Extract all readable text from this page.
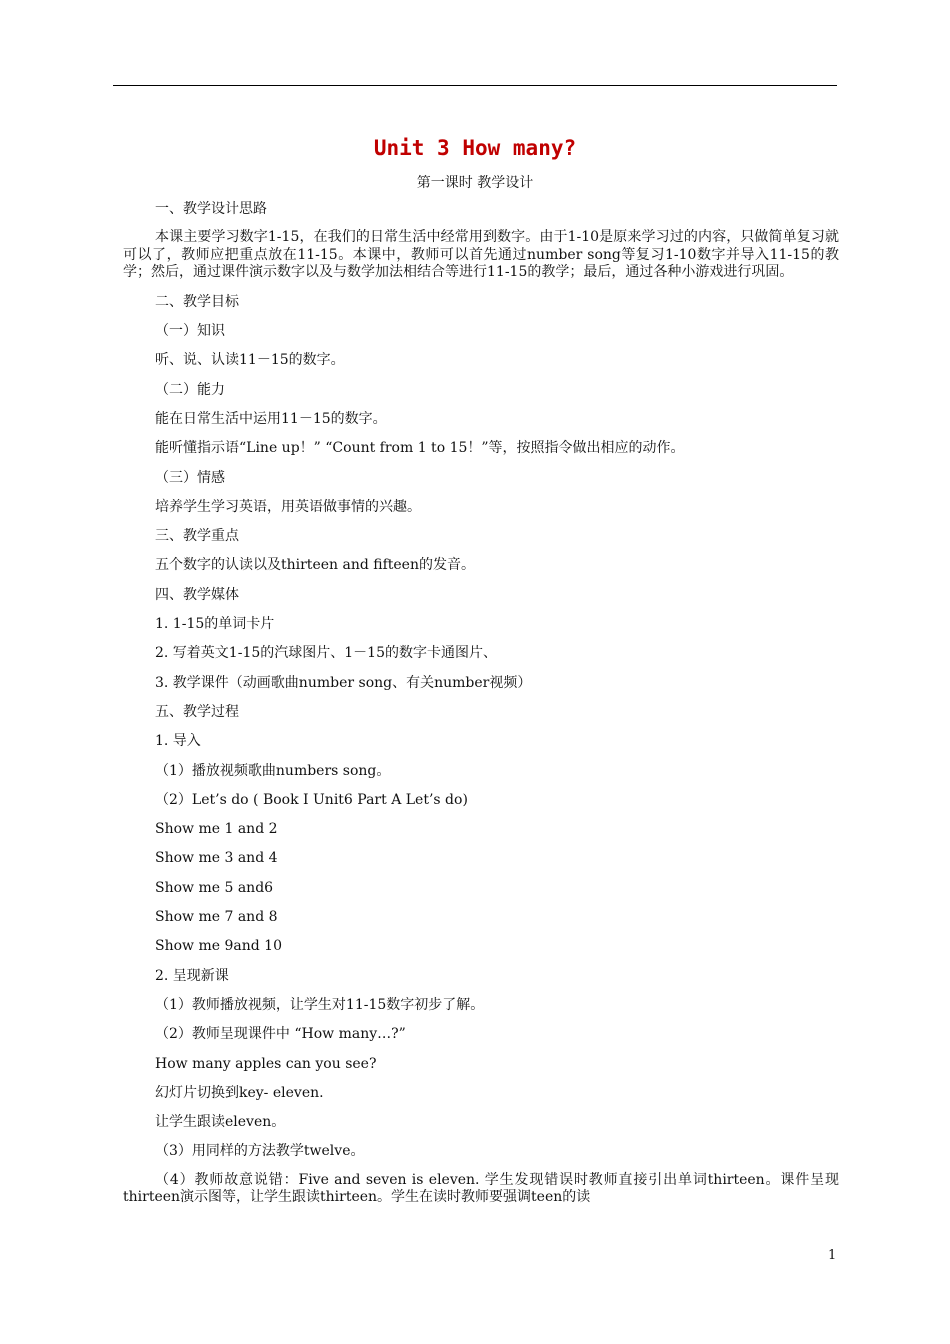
Unit 3 How many?
第一课时 教学设计
一、教学设计思路
本课主要学习数字1-15，在我们的日常生活中经常用到数字。由于1-10是原来学习过的内容，只做简单复习就可以了，教师应把重点放在11-15。本课中，教师可以首先通过number song等复习1-10数字并导入11-15的教学；然后，通过课件演示数字以及与数学加法相结合等进行11-15的教学；最后，通过各种小游戏进行巩固。
二、教学目标
（一）知识
听、说、认读11－15的数字。
（二）能力
能在日常生活中运用11－15的数字。
能听懂指示语“Line up！” “Count from 1 to 15！”等，按照指令做出相应的动作。
（三）情感
培养学生学习英语，用英语做事情的兴趣。
三、教学重点
五个数字的认读以及thirteen and fifteen的发音。
四、教学媒体
1. 1-15的单词卡片
2. 写着英文1-15的汽球图片、1－15的数字卡通图片、
3. 教学课件（动画歌曲number song、有关number视频）
五、教学过程
1. 导入
（1）播放视频歌曲numbers song。
（2）Let’s do ( Book I Unit6 Part A Let’s do)
Show me 1 and 2
Show me 3 and 4
Show me 5 and6
Show me 7 and 8
Show me 9and 10
2. 呈现新课
（1）教师播放视频，让学生对11-15数字初步了解。
（2）教师呈现课件中 “How many…?”
How many apples can you see?
幻灯片切换到key- eleven.
让学生跟读eleven。
（3）用同样的方法教学twelve。
（4）教师故意说错：Five and seven is eleven. 学生发现错误时教师直接引出单词thirteen。课件呈现thirteen演示图等，让学生跟读thirteen。学生在读时教师要强调teen的读
1
